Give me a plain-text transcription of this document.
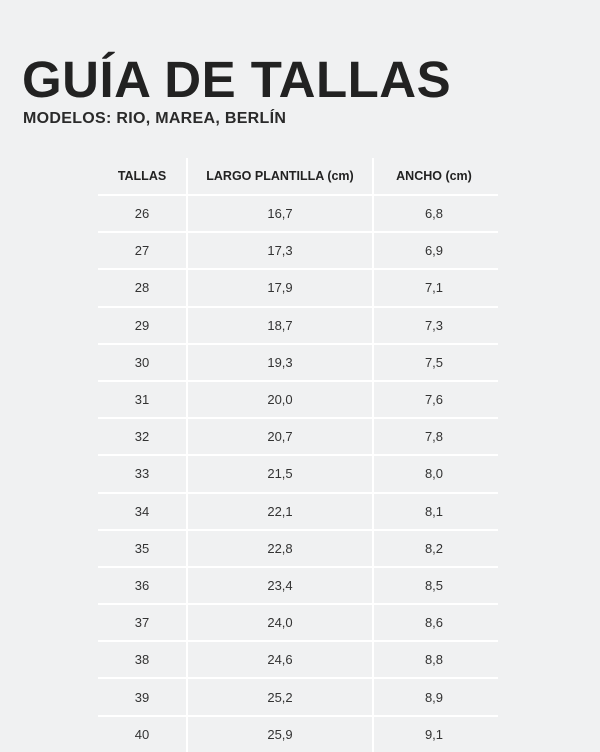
GUÍA DE TALLAS
MODELOS: RIO, MAREA, BERLÍN
TALLAS	LARGO PLANTILLA (cm)	ANCHO (cm)
26	16,7	6,8
27	17,3	6,9
28	17,9	7,1
29	18,7	7,3
30	19,3	7,5
31	20,0	7,6
32	20,7	7,8
33	21,5	8,0
34	22,1	8,1
35	22,8	8,2
36	23,4	8,5
37	24,0	8,6
38	24,6	8,8
39	25,2	8,9
40	25,9	9,1
